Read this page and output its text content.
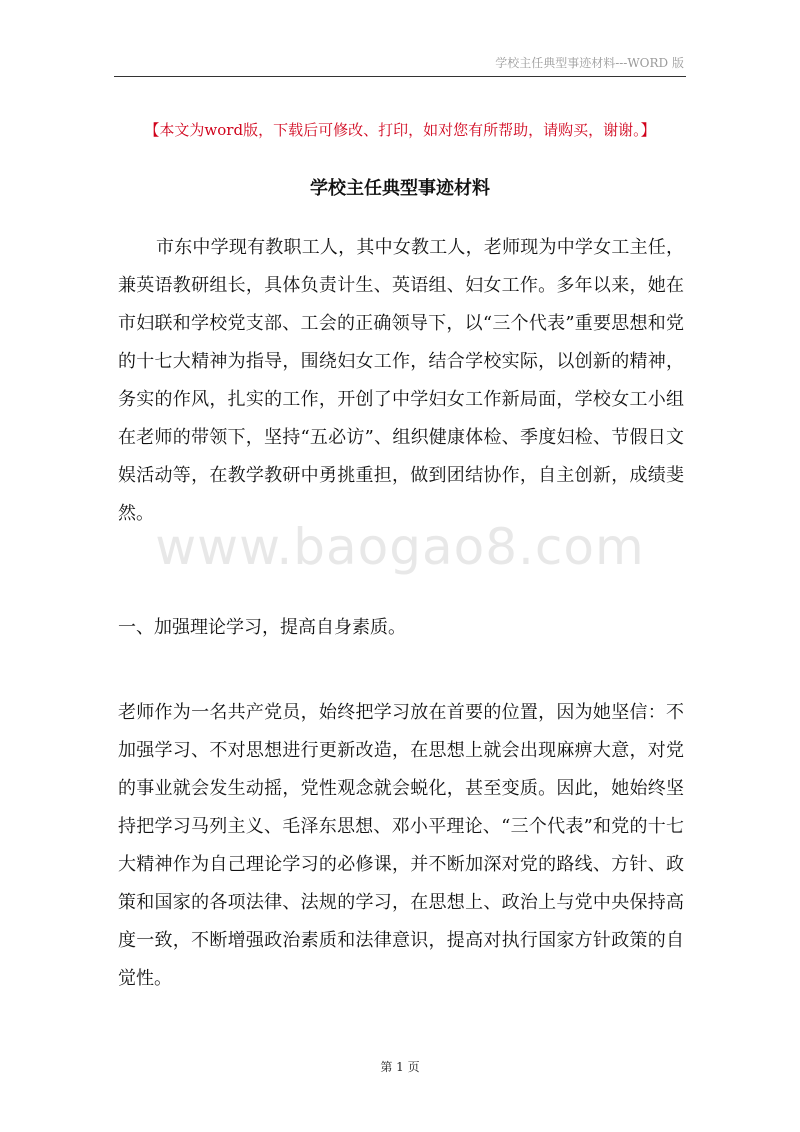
学校主任典型事迹材料---WORD 版
【本文为word版，下载后可修改、打印，如对您有所帮助，请购买，谢谢。】
学校主任典型事迹材料

市东中学现有教职工人，其中女教工人，老师现为中学女工主任，兼英语教研组长，具体负责计生、英语组、妇女工作。多年以来，她在市妇联和学校党支部、工会的正确领导下，以“三个代表”重要思想和党的十七大精神为指导，围绕妇女工作，结合学校实际，以创新的精神，务实的作风，扎实的工作，开创了中学妇女工作新局面，学校女工小组在老师的带领下，坚持“五必访”、组织健康体检、季度妇检、节假日文娱活动等，在教学教研中勇挑重担，做到团结协作，自主创新，成绩斐然。

www.baogao8.com

一、加强理论学习，提高自身素质。

老师作为一名共产党员，始终把学习放在首要的位置，因为她坚信：不加强学习、不对思想进行更新改造，在思想上就会出现麻痹大意，对党的事业就会发生动摇，党性观念就会蜕化，甚至变质。因此，她始终坚持把学习马列主义、毛泽东思想、邓小平理论、“三个代表”和党的十七大精神作为自己理论学习的必修课，并不断加深对党的路线、方针、政策和国家的各项法律、法规的学习，在思想上、政治上与党中央保持高度一致，不断增强政治素质和法律意识，提高对执行国家方针政策的自觉性。

第 1 页
